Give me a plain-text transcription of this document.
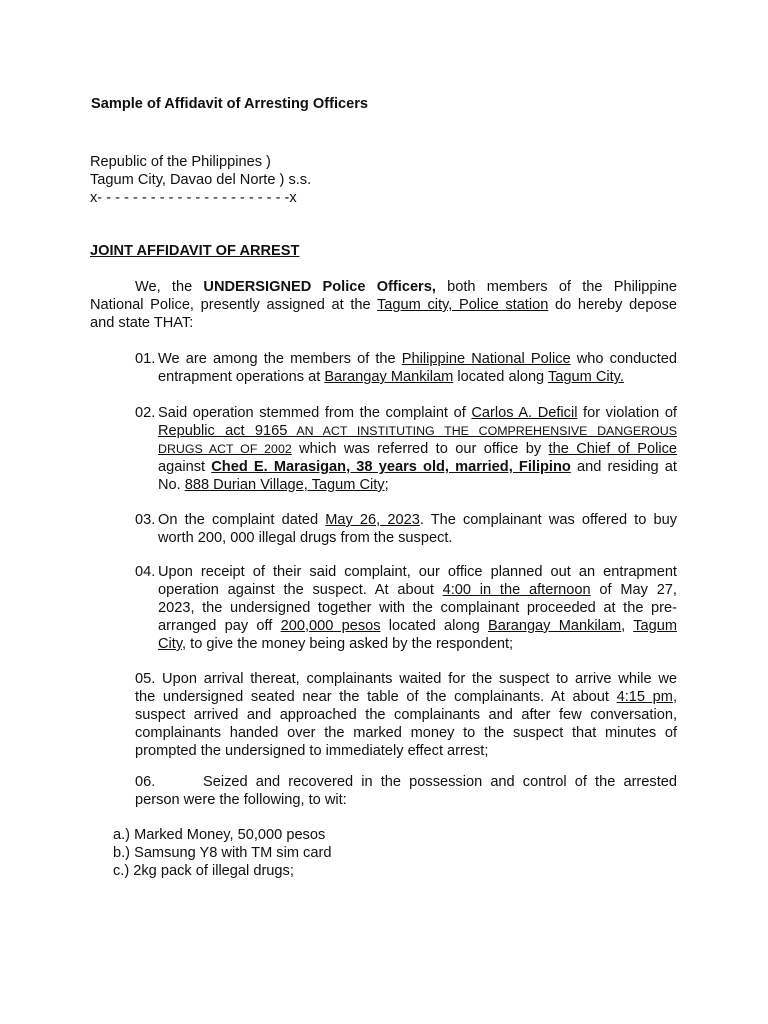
Sample of Affidavit of Arresting Officers
Republic of the Philippines )
Tagum City, Davao del Norte ) s.s.
x- - - - - - - - - - - - - - - - - - - - - -x
JOINT AFFIDAVIT OF ARREST
We, the UNDERSIGNED Police Officers, both members of the Philippine
National Police, presently assigned at the Tagum city, Police station do hereby depose
and state THAT:
01. We are among the members of the Philippine National Police who conducted
entrapment operations at Barangay Mankilam located along Tagum City.
02. Said operation stemmed from the complaint of Carlos A. Deficil for violation of
Republic act 9165 AN ACT INSTITUTING THE COMPREHENSIVE DANGEROUS
DRUGS ACT OF 2002 which was referred to our office by the Chief of Police
against Ched E. Marasigan, 38 years old, married, Filipino and residing at
No. 888 Durian Village, Tagum City;
03. On the complaint dated May 26, 2023. The complainant was offered to buy
worth 200, 000 illegal drugs from the suspect.
04. Upon receipt of their said complaint, our office planned out an entrapment
operation against the suspect. At about 4:00 in the afternoon of May 27,
2023, the undersigned together with the complainant proceeded at the pre-
arranged pay off 200,000 pesos located along Barangay Mankilam, Tagum
City, to give the money being asked by the respondent;
05. Upon arrival thereat, complainants waited for the suspect to arrive while we
the undersigned seated near the table of the complainants. At about 4:15 pm,
suspect arrived and approached the complainants and after few conversation,
complainants handed over the marked money to the suspect that minutes of
prompted the undersigned to immediately effect arrest;
06.	Seized and recovered in the possession and control of the arrested
person were the following, to wit:
a.) Marked Money, 50,000 pesos
b.) Samsung Y8 with TM sim card
c.) 2kg pack of illegal drugs;
